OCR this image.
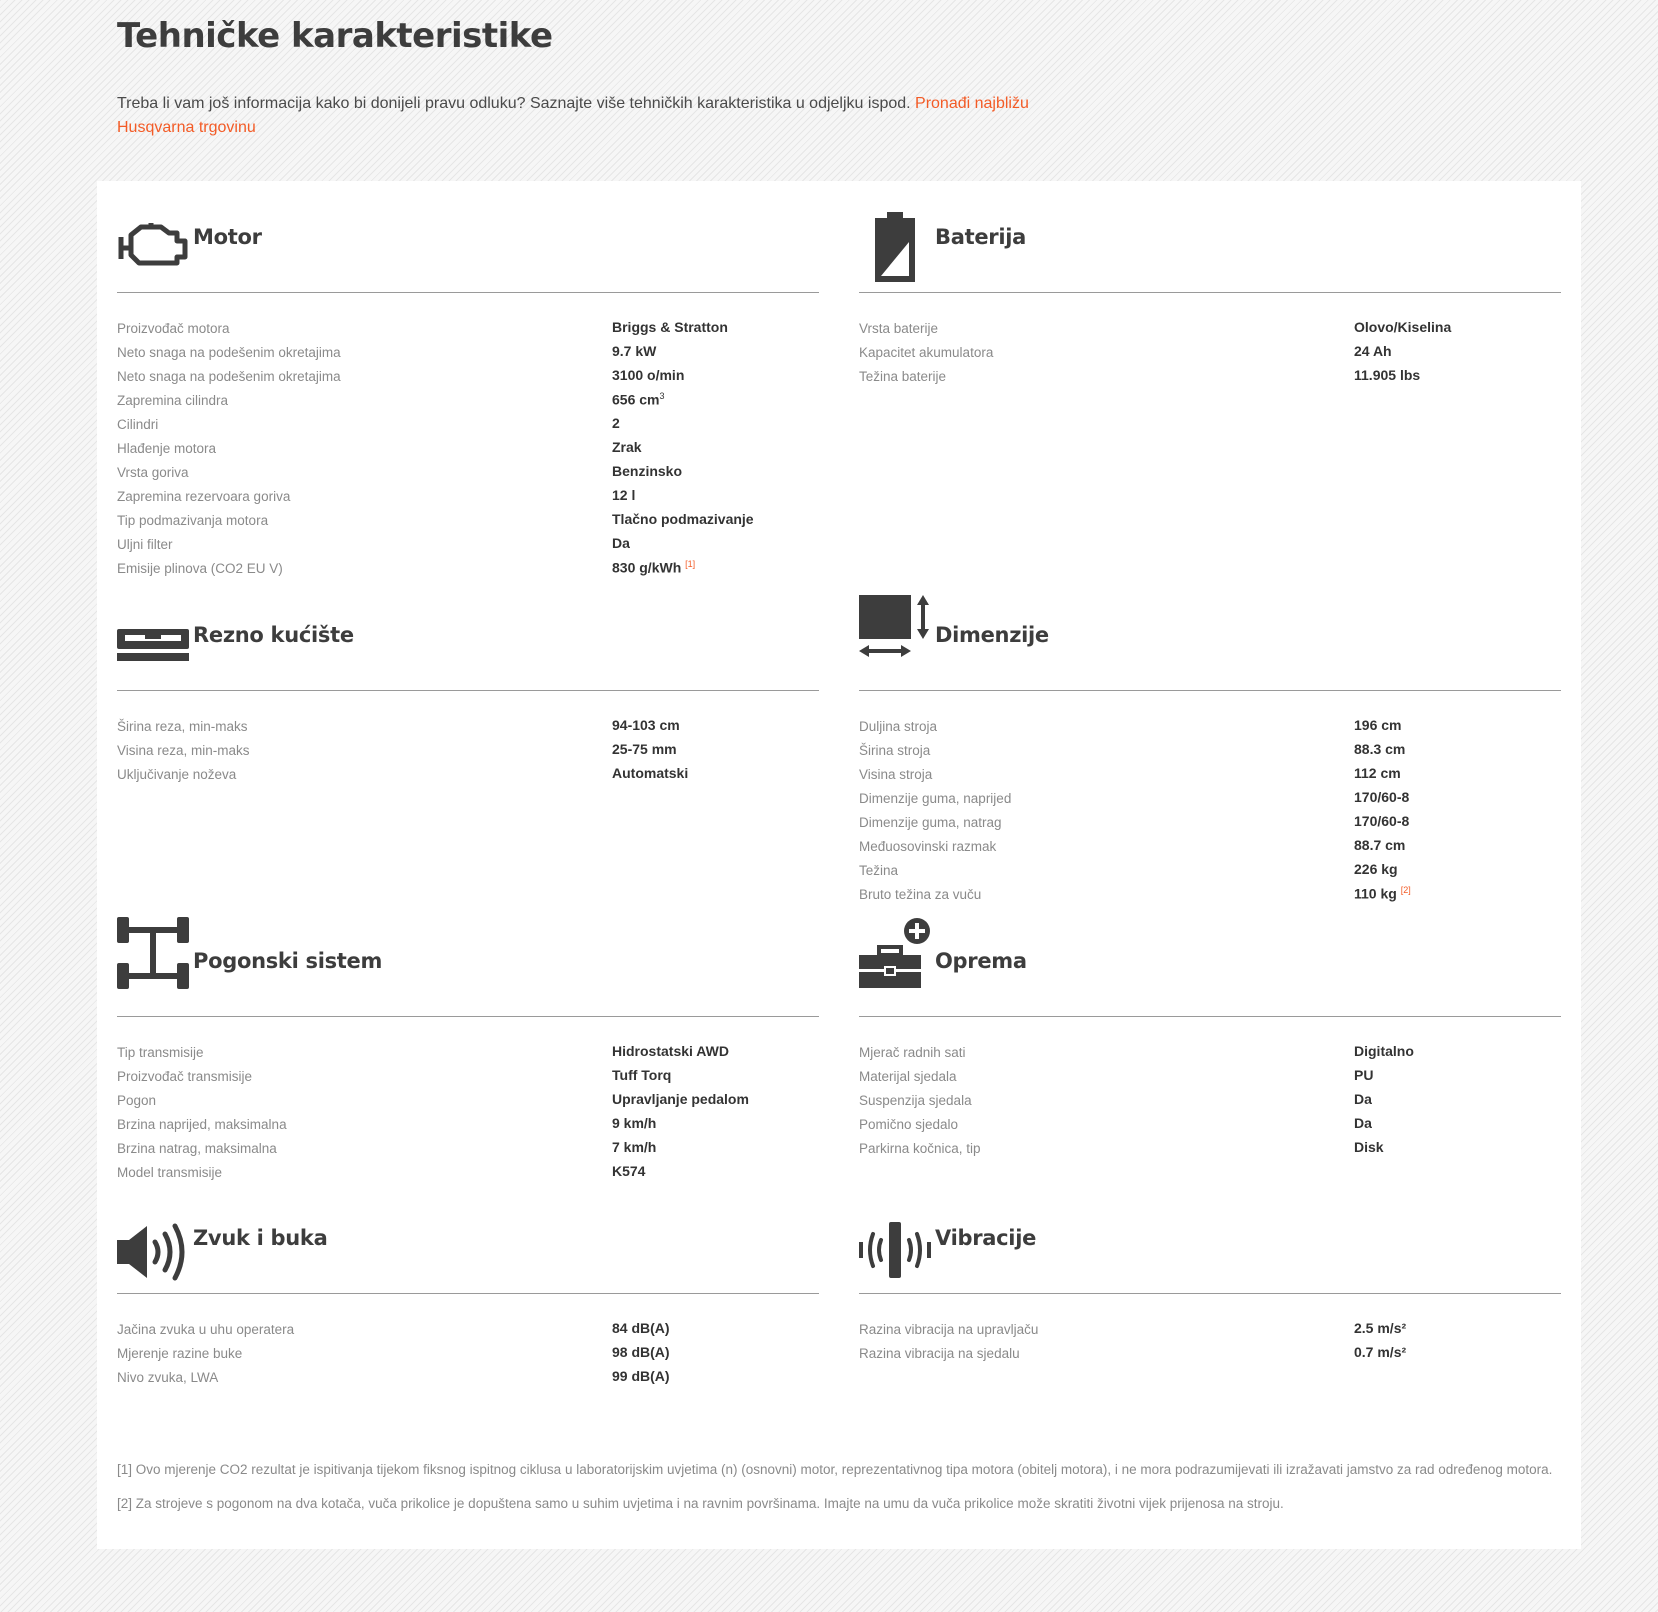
Tehničke karakteristike

Treba li vam još informacija kako bi donijeli pravu odluku? Saznajte više tehničkih karakteristika u odjeljku ispod. Pronađi najbližu Husqvarna trgovinu

Motor
Proizvođač motora	Briggs & Stratton
Neto snaga na podešenim okretajima	9.7 kW
Neto snaga na podešenim okretajima	3100 o/min
Zapremina cilindra	656 $cm^3$
Cilindri	2
Hlađenje motora	Zrak
Vrsta goriva	Benzinsko
Zapremina rezervoara goriva	12 l
Tip podmazivanja motora	Tlačno podmazivanje
Uljni filter	Da
Emisije plinova (CO2 EU V)	830 g/kWh [1]
Baterija
Vrsta baterije	Olovo/Kiselina
Kapacitet akumulatora	24 Ah
Težina baterije	11.905 lbs
Rezno kućište
Širina reza, min-maks	94-103 cm
Visina reza, min-maks	25-75 mm
Uključivanje noževa	Automatski
Dimenzije
Duljina stroja	196 cm
Širina stroja	88.3 cm
Visina stroja	112 cm
Dimenzije guma, naprijed	170/60-8
Dimenzije guma, natrag	170/60-8
Međuosovinski razmak	88.7 cm
Težina	226 kg
Bruto težina za vuču	110 kg [2]
Pogonski sistem
Tip transmisije	Hidrostatski AWD
Proizvođač transmisije	Tuff Torq
Pogon	Upravljanje pedalom
Brzina naprijed, maksimalna	9 km/h
Brzina natrag, maksimalna	7 km/h
Model transmisije	K574
Oprema
Mjerač radnih sati	Digitalno
Materijal sjedala	PU
Suspenzija sjedala	Da
Pomično sjedalo	Da
Parkirna kočnica, tip	Disk
Zvuk i buka
Jačina zvuka u uhu operatera	84 dB(A)
Mjerenje razine buke	98 dB(A)
Nivo zvuka, LWA	99 dB(A)
Vibracije
Razina vibracija na upravljaču	2.5 m/s²
Razina vibracija na sjedalu	0.7 m/s²

[1] Ovo mjerenje CO2 rezultat je ispitivanja tijekom fiksnog ispitnog ciklusa u laboratorijskim uvjetima (n) (osnovni) motor, reprezentativnog tipa motora (obitelj motora), i ne mora podrazumijevati ili izražavati jamstvo za rad određenog motora.

[2] Za strojeve s pogonom na dva kotača, vuča prikolice je dopuštena samo u suhim uvjetima i na ravnim površinama. Imajte na umu da vuča prikolice može skratiti životni vijek prijenosa na stroju.
